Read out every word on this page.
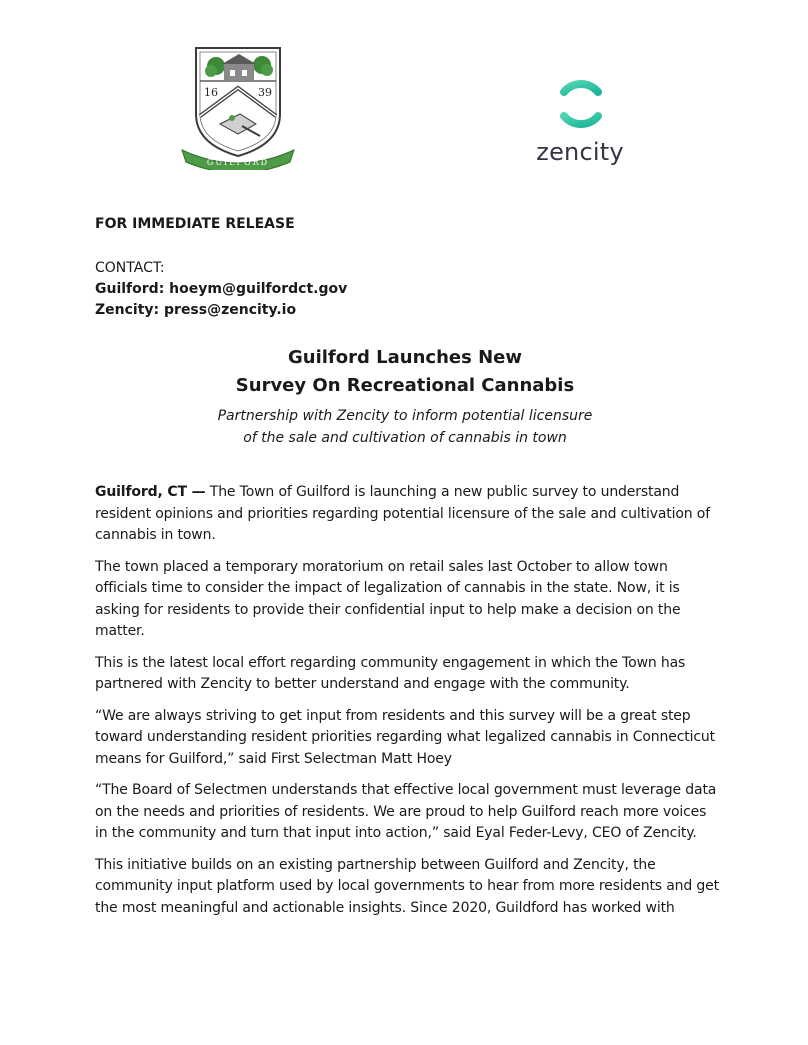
16	39
GUILFORD	zencity
FOR IMMEDIATE RELEASE
CONTACT:
Guilford: hoeym@guilfordct.gov
Zencity: press@zencity.io
Guilford Launches New
Survey On Recreational Cannabis
Partnership with Zencity to inform potential licensure
of the sale and cultivation of cannabis in town

Guilford, CT — The Town of Guilford is launching a new public survey to understand resident opinions and priorities regarding potential licensure of the sale and cultivation of cannabis in town.

The town placed a temporary moratorium on retail sales last October to allow town officials time to consider the impact of legalization of cannabis in the state. Now, it is asking for residents to provide their confidential input to help make a decision on the matter.

This is the latest local effort regarding community engagement in which the Town has partnered with Zencity to better understand and engage with the community.

“We are always striving to get input from residents and this survey will be a great step toward understanding resident priorities regarding what legalized cannabis in Connecticut means for Guilford,” said First Selectman Matt Hoey

“The Board of Selectmen understands that effective local government must leverage data on the needs and priorities of residents. We are proud to help Guilford reach more voices in the community and turn that input into action,” said Eyal Feder-Levy, CEO of Zencity.

This initiative builds on an existing partnership between Guilford and Zencity, the community input platform used by local governments to hear from more residents and get the most meaningful and actionable insights. Since 2020, Guildford has worked with
